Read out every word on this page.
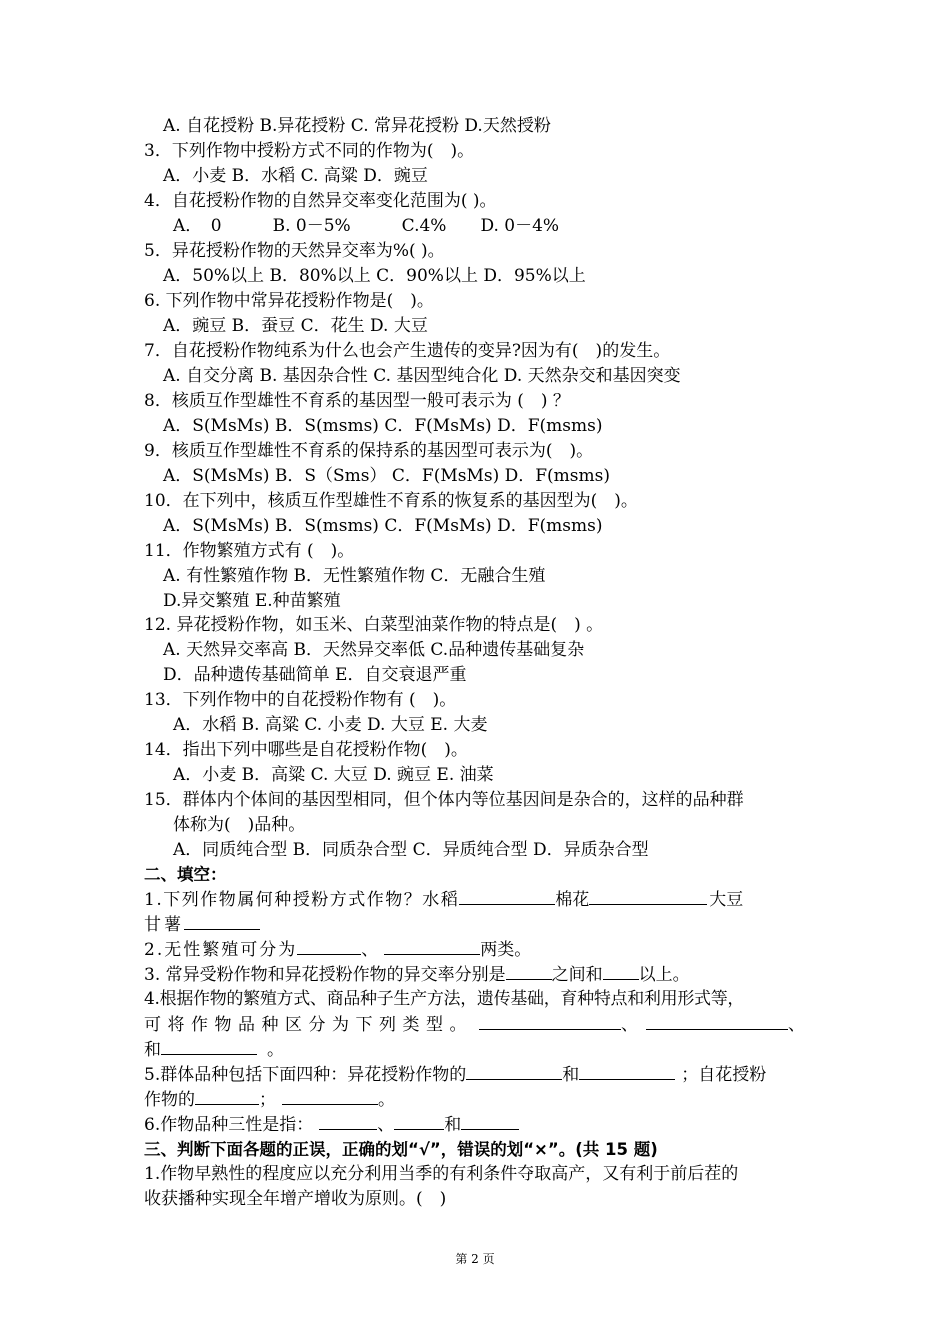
A. 自花授粉 B.异花授粉 C. 常异花授粉 D.天然授粉
3．下列作物中授粉方式不同的作物为(　)。
A．小麦 B．水稻 C. 高粱 D．豌豆
4．自花授粉作物的自然异交率变化范围为( )。
A．　0　　　B. 0－5%　　　C.4%　　D. 0－4%
5．异花授粉作物的天然异交率为%( )。
A．50%以上 B．80%以上 C．90%以上 D．95%以上
6. 下列作物中常异花授粉作物是(　)。
A．豌豆 B．蚕豆 C．花生 D. 大豆
7．自花授粉作物纯系为什么也会产生遗传的变异?因为有(　)的发生。
A. 自交分离 B. 基因杂合性 C. 基因型纯合化 D. 天然杂交和基因突变
8．核质互作型雄性不育系的基因型一般可表示为 (　) ？
A．S(MsMs) B．S(msms) C．F(MsMs) D．F(msms)
9．核质互作型雄性不育系的保持系的基因型可表示为(　)。
A．S(MsMs) B．S（Sms） C．F(MsMs) D．F(msms)
10．在下列中，核质互作型雄性不育系的恢复系的基因型为(　)。
A．S(MsMs) B．S(msms) C．F(MsMs) D．F(msms)
11．作物繁殖方式有 (　)。
A. 有性繁殖作物 B．无性繁殖作物 C．无融合生殖
D.异交繁殖 E.种苗繁殖
12. 异花授粉作物，如玉米、白菜型油菜作物的特点是(　) 。
A. 天然异交率高 B．天然异交率低 C.品种遗传基础复杂
D．品种遗传基础简单 E．自交衰退严重
13．下列作物中的自花授粉作物有 (　)。
A．水稻 B. 高粱 C. 小麦 D. 大豆 E. 大麦
14．指出下列中哪些是自花授粉作物(　)。
A．小麦 B．高粱 C. 大豆 D. 豌豆 E. 油菜
15．群体内个体间的基因型相同，但个体内等位基因间是杂合的，这样的品种群
体称为(　)品种。
A．同质纯合型 B．同质杂合型 C．异质纯合型 D．异质杂合型
二、填空：
1.下列作物属何种授粉方式作物？水稻	棉花	大豆
甘薯
2.无性繁殖可分为	、	两类。
3. 常异受粉作物和异花授粉作物的异交率分别是	之间和 以上。
4.根据作物的繁殖方式、商品种子生产方法，遗传基础，育种特点和利用形式等，
可将作物品种区分为下列类型。	、	、
和	。
5.群体品种包括下面四种：异花授粉作物的	和	；自花授粉
作物的	；	。
6.作物品种三性是指：	、	和
三、判断下面各题的正误，正确的划“√”，错误的划“×”。(共 15 题)
1.作物早熟性的程度应以充分利用当季的有利条件夺取高产，又有利于前后茬的
收获播种实现全年增产增收为原则。(　)
第 2 页
